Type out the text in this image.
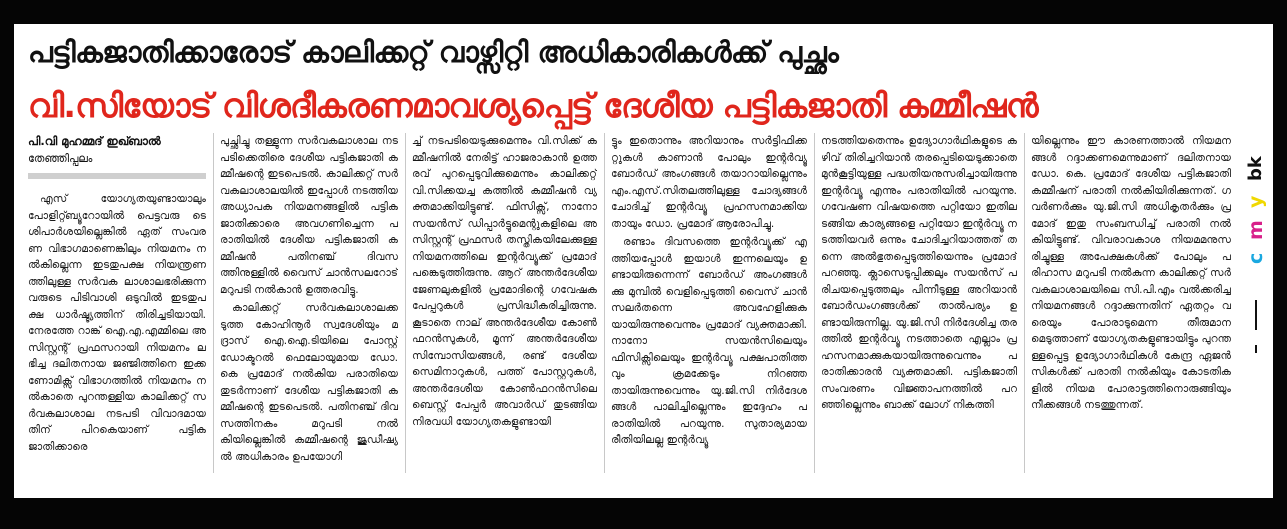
പട്ടികജാതിക്കാരോട് കാലിക്കറ്റ് വാഴ്സിറ്റി അധികാരികൾക്ക് പുച്ഛം
വി.സിയോട് വിശദീകരണമാവശ്യപ്പെട്ട് ദേശീയ പട്ടികജാതി കമ്മീഷൻ
പി.വി മുഹമ്മദ് ഇഖ്ബാൽ
തേഞ്ഞിപ്പലം

എസ് യോഗ്യതയുണ്ടായാലും പോളിറ്റ്ബ്യൂറോയിൽ പെട്ടവരു ടെ ശിപാർശയില്ലെങ്കിൽ ഏത് സംവരണ വിഭാഗമാണെങ്കിലും നിയമനം നൽകില്ലെന്ന ഇടതുപക്ഷ നിയന്ത്രണത്തിലുള്ള സർവക ലാശാലഭരിക്കുന്നവരുടെ പിടിവാശി ഒടുവിൽ ഇടതുപക്ഷ ധാർഷ്ട്യത്തിന് തിരിച്ചടിയായി. നേരത്തേ റാങ്ക് ഐ.എ.എമ്മിലെ അസിസ്റ്റന്റ് പ്രഫസറായി നിയമനം ലഭിച്ച ദലിതനായ ജഞ്ജിത്തിനെ ഇക്കണോമിക്സ് വിഭാഗത്തിൽ നിയമനം നൽകാതെ പുറന്തള്ളിയ കാലിക്കറ്റ് സർവകലാശാല നടപടി വിവാദമായതിന് പിറകെയാണ് പട്ടിക ജാതിക്കാരെ

പുച്ഛിച്ചു തള്ളുന്ന സർവകലാശാല നടപടിക്കെതിരെ ദേശീയ പട്ടികജാതി കമ്മീഷന്റെ ഇടപെടൽ. കാലിക്കറ്റ് സർവകലാശാലയിൽ ഇപ്പോൾ നടത്തിയ അധ്യാപക നിയമനങ്ങളിൽ പട്ടികജാതിക്കാരെ അവഗണിച്ചെന്ന പരാതിയിൽ ദേശീയ പട്ടികജാതി കമ്മീഷൻ പതിനഞ്ച് ദിവസത്തിനുള്ളിൽ വൈസ് ചാൻസലറോട് മറുപടി നൽകാൻ ഉത്തരവിട്ടു.

കാലിക്കറ്റ് സർവകലാശാലക്കടുത്ത കോഹിനൂർ സ്വദേശിയും മദ്രാസ് ഐ.ഐ.ടിയിലെ പോസ്റ്റ് ഡോക്ടറൽ ഫെലോയുമായ ഡോ.കെ പ്രമോദ് നൽകിയ പരാതിയെ തുടർന്നാണ് ദേശീയ പട്ടികജാതി കമ്മീഷന്റെ ഇടപെടൽ. പതിനഞ്ച് ദിവസത്തിനകം മറുപടി നൽകിയില്ലെങ്കിൽ കമ്മീഷന്റെ ജുഡീഷ്യൽ അധികാരം ഉപയോഗി

ച്ച് നടപടിയെടുക്കുമെന്നും വി.സിക്ക് കമ്മീഷനിൽ നേരിട്ട് ഹാജരാകാൻ ഉത്തരവ് പുറപ്പെടുവിക്കുമെന്നും കാലിക്കറ്റ് വി.സിക്കയച്ച കത്തിൽ കമ്മീഷൻ വ്യക്തമാക്കിയിട്ടുണ്ട്. ഫിസിക്സ്, നാനോ സയൻസ് ഡിപ്പാർട്ടുമെന്റുകളിലെ അസിസ്റ്റന്റ് പ്രഫസർ തസ്തികയിലേക്കുള്ള നിയമനത്തിലെ ഇന്റർവ്യൂക്ക് പ്രമോദ് പങ്കെടുത്തിരുന്നു. ആറ് അന്തർദേശീയ ജേണലുകളിൽ പ്രമോദിന്റെ ഗവേഷക പേപ്പറുകൾ പ്രസിദ്ധീകരിച്ചിരുന്നു. കൂടാതെ നാല് അന്തർദേശീയ കോൺഫറൻസുകൾ, മൂന്ന് അന്തർദേശീയ സിമ്പോസിയങ്ങൾ, രണ്ട് ദേശീയ സെമിനാറുകൾ, പത്ത് പോസ്റ്ററുകൾ, അന്തർദേശീയ കോൺഫറൻസിലെ ബെസ്റ്റ് പേപ്പർ അവാർഡ് തുടങ്ങിയ നിരവധി യോഗ്യതകളുണ്ടായി

ട്ടും ഇതൊന്നും അറിയാനും സർട്ടിഫിക്കറ്റുകൾ കാണാൻ പോലും ഇന്റർവ്യൂ ബോർഡ് അംഗങ്ങൾ തയാറായില്ലെന്നും എം.എസ്.സിതലത്തിലുള്ള ചോദ്യങ്ങൾ ചോദിച്ച് ഇന്റർവ്യൂ പ്രഹസനമാക്കിയതായും ഡോ. പ്രമോദ് ആരോപിച്ചു.

രണ്ടാം ദിവസത്തെ ഇന്റർവ്യൂക്ക് എത്തിയപ്പോൾ ഇയാൾ ഇന്നലെയും ഉണ്ടായിരുന്നെന്ന് ബോർഡ് അംഗങ്ങൾക്കു മുമ്പിൽ വെളിപ്പെടുത്തി വൈസ് ചാൻസലർതന്നെ അവഹേളിക്കുകയായിരുന്നുവെന്നും പ്രമോദ് വ്യക്തമാക്കി. നാനോ സയൻസിലെയും ഫിസിക്സിലെയും ഇന്റർവ്യൂ പക്ഷപാതിത്തവും ക്രമക്കേടും നിറഞ്ഞതായിരുന്നുവെന്നും യു.ജി.സി നിർദേശങ്ങൾ പാലിച്ചില്ലെന്നും ഇദ്ദേഹം പരാതിയിൽ പറയുന്നു. സുതാര്യമായ രീതിയിലല്ല ഇന്റർവ്യൂ

നടത്തിയതെന്നും ഉദ്യോഗാർഥികളുടെ കഴിവ് തിരിച്ചറിയാൻ തരപ്പെടിയെടുക്കാതെ മുൻകൂട്ടിയുള്ള പദ്ധതിയനുസരിച്ചായിരുന്നു ഇന്റർവ്യൂ എന്നും പരാതിയിൽ പറയുന്നു. ഗവേഷണ വിഷയത്തെ പറ്റിയോ ഇതിലടങ്ങിയ കാര്യങ്ങളെ പറ്റിയോ ഇന്റർവ്യൂ നടത്തിയവർ ഒന്നും ചോദിച്ചറിയാത്തത് തന്നെ അൽഭുതപ്പെടുത്തിയെന്നും പ്രമോദ് പറഞ്ഞു. ക്ലാസെടുപ്പിക്കലും സയൻസ് പരിചയപ്പെടുത്തലും പിന്നീടുള്ള അറിയാൻ ബോർഡംഗങ്ങൾക്ക് താൽപര്യം ഉണ്ടായിരുന്നില്ല. യു.ജി.സി നിർദേശിച്ച തരത്തിൽ ഇന്റർവ്യൂ നടത്താതെ എല്ലാം പ്രഹസനമാക്കുകയായിരുന്നുവെന്നും പരാതിക്കാരൻ വ്യക്തമാക്കി. പട്ടികജാതി സംവരണം വിജ്ഞാപനത്തിൽ പറഞ്ഞില്ലെന്നും ബാക്ക് ലോഗ് നികത്തി

യില്ലെന്നും ഈ കാരണത്താൽ നിയമനങ്ങൾ റദ്ദാക്കണമെന്നുമാണ് ദലിതനായ ഡോ. കെ. പ്രമോദ് ദേശീയ പട്ടികജാതി കമ്മീഷന് പരാതി നൽകിയിരിക്കുന്നത്. ഗവർണർക്കും യു.ജി.സി അധികൃതർക്കും പ്രമോദ് ഇതു സംബന്ധിച്ച് പരാതി നൽകിയിട്ടുണ്ട്. വിവരാവകാശ നിയമമനുസരിച്ചുള്ള അപേക്ഷകൾക്ക് പോലും പരിഹാസ മറുപടി നൽകുന്ന കാലിക്കറ്റ് സർവകലാശാലയിലെ സി.പി.എം വൽക്കരിച്ച നിയമനങ്ങൾ റദ്ദാക്കുന്നതിന് ഏതറ്റം വരെയും പോരാടുമെന്ന തീരുമാനമെടുത്താണ് യോഗ്യതകളുണ്ടായിട്ടും പുറന്തള്ളപ്പെട്ട ഉദ്യോഗാർഥികൾ കേന്ദ്ര ഏജൻസികൾക്ക് പരാതി നൽകിയും കോടതികളിൽ നിയമ പോരാട്ടത്തിനൊരുങ്ങിയും നീക്കങ്ങൾ നടത്തുന്നത്.

bk
y
m
c
